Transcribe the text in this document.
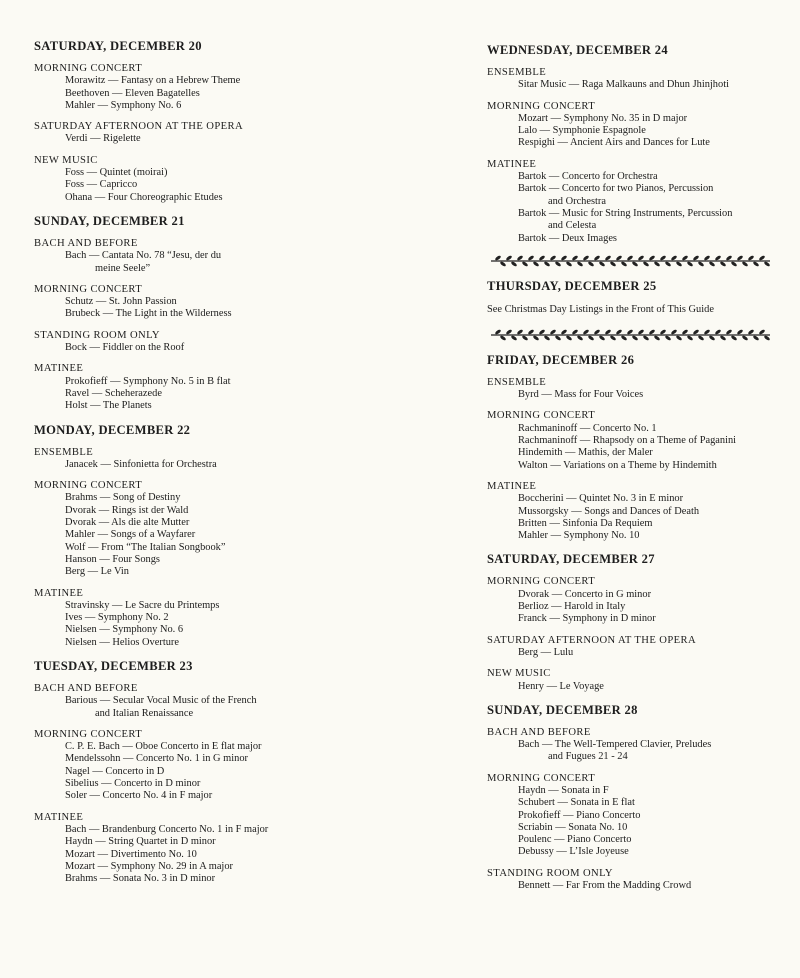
SATURDAY, DECEMBER 20
MORNING CONCERT
Morawitz — Fantasy on a Hebrew Theme
Beethoven — Eleven Bagatelles
Mahler — Symphony No. 6
SATURDAY AFTERNOON AT THE OPERA
Verdi — Rigelette
NEW MUSIC
Foss — Quintet (moirai)
Foss — Capricco
Ohana — Four Choreographic Etudes
SUNDAY, DECEMBER 21
BACH AND BEFORE
Bach — Cantata No. 78 “Jesu, der du
meine Seele”
MORNING CONCERT
Schutz — St. John Passion
Brubeck — The Light in the Wilderness
STANDING ROOM ONLY
Bock — Fiddler on the Roof
MATINEE
Prokofieff — Symphony No. 5 in B flat
Ravel — Scheherazede
Holst — The Planets
MONDAY, DECEMBER 22
ENSEMBLE
Janacek — Sinfonietta for Orchestra
MORNING CONCERT
Brahms — Song of Destiny
Dvorak — Rings ist der Wald
Dvorak — Als die alte Mutter
Mahler — Songs of a Wayfarer
Wolf — From “The Italian Songbook”
Hanson — Four Songs
Berg — Le Vin
MATINEE
Stravinsky — Le Sacre du Printemps
Ives — Symphony No. 2
Nielsen — Symphony No. 6
Nielsen — Helios Overture
TUESDAY, DECEMBER 23
BACH AND BEFORE
Barious — Secular Vocal Music of the French
and Italian Renaissance
MORNING CONCERT
C. P. E. Bach — Oboe Concerto in E flat major
Mendelssohn — Concerto No. 1 in G minor
Nagel — Concerto in D
Sibelius — Concerto in D minor
Soler — Concerto No. 4 in F major
MATINEE
Bach — Brandenburg Concerto No. 1 in F major
Haydn — String Quartet in D minor
Mozart — Divertimento No. 10
Mozart — Symphony No. 29 in A major
Brahms — Sonata No. 3 in D minor
WEDNESDAY, DECEMBER 24
ENSEMBLE
Sitar Music — Raga Malkauns and Dhun Jhinjhoti
MORNING CONCERT
Mozart — Symphony No. 35 in D major
Lalo — Symphonie Espagnole
Respighi — Ancient Airs and Dances for Lute
MATINEE
Bartok — Concerto for Orchestra
Bartok — Concerto for two Pianos, Percussion
and Orchestra
Bartok — Music for String Instruments, Percussion
and Celesta
Bartok — Deux Images
THURSDAY, DECEMBER 25
See Christmas Day Listings in the Front of This Guide
FRIDAY, DECEMBER 26
ENSEMBLE
Byrd — Mass for Four Voices
MORNING CONCERT
Rachmaninoff — Concerto No. 1
Rachmaninoff — Rhapsody on a Theme of Paganini
Hindemith — Mathis, der Maler
Walton — Variations on a Theme by Hindemith
MATINEE
Boccherini — Quintet No. 3 in E minor
Mussorgsky — Songs and Dances of Death
Britten — Sinfonia Da Requiem
Mahler — Symphony No. 10
SATURDAY, DECEMBER 27
MORNING CONCERT
Dvorak — Concerto in G minor
Berlioz — Harold in Italy
Franck — Symphony in D minor
SATURDAY AFTERNOON AT THE OPERA
Berg — Lulu
NEW MUSIC
Henry — Le Voyage
SUNDAY, DECEMBER 28
BACH AND BEFORE
Bach — The Well-Tempered Clavier, Preludes
and Fugues 21 - 24
MORNING CONCERT
Haydn — Sonata in F
Schubert — Sonata in E flat
Prokofieff — Piano Concerto
Scriabin — Sonata No. 10
Poulenc — Piano Concerto
Debussy — L’Isle Joyeuse
STANDING ROOM ONLY
Bennett — Far From the Madding Crowd
